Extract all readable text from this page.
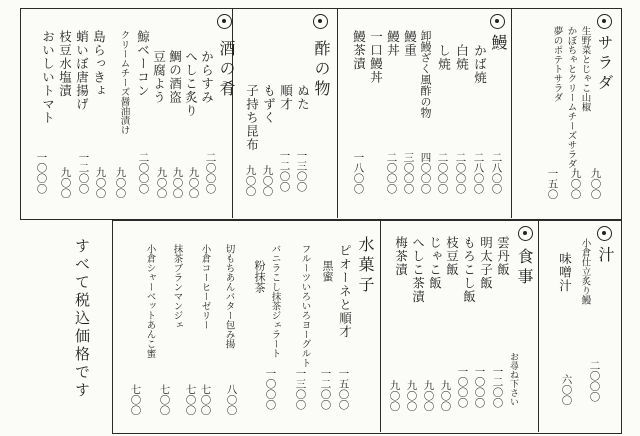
サラダ
生野菜とじゃこ山椒
かぼちゃとクリームチーズサラダ
夢のポテトサラダ
九〇〇
九〇〇
一五〇
鰻
かば焼
白焼
し焼
卸鰻ざく風酢の物
鰻重
鰻丼
一口鰻丼
鰻茶漬
二八〇〇
二八〇〇
二〇〇〇
二〇〇〇
四〇〇〇
三〇〇〇
二〇〇〇
一八〇〇
酢の物
ぬた
順才
もずく
子持ち昆布
一三〇〇
一二〇〇
九〇〇
九〇〇
酒の肴
からすみ
へしこ炙り
鯛の酒盗
豆腐よう
鯨ベーコン
クリームチーズ醤油漬け
島らっきょ
蛸いぼ唐揚げ
枝豆水塩漬
おいしいトマト
二〇〇〇
九〇〇
九〇〇
九〇〇
二〇〇〇
九〇〇
九〇〇
一二〇〇
九〇〇
一〇〇〇
汁
小倉仕立炙り鰻
味噌汁
二〇〇〇
六〇〇
食事
雲丹飯
明太子飯
もろこし飯
枝豆飯
じゃこ飯
へしこ茶漬
梅茶漬
お尋ね下さい
一二〇〇
一〇〇〇
一〇〇〇
九〇〇
九〇〇
九〇〇
九〇〇
水菓子
ピオーネと順才
黒蜜
フルーツいろいろヨーグルト
バニラこし抹茶ジェラート
粉抹茶
切もちあんバター包み揚
小倉コーヒーゼリー
抹茶ブランマンジェ
小倉シャーベットあんこ蜜
一五〇〇
一二〇〇
一三〇〇
一〇〇〇
八〇〇
七〇〇
七〇〇
七〇〇
七〇〇
すべて税込価格です
